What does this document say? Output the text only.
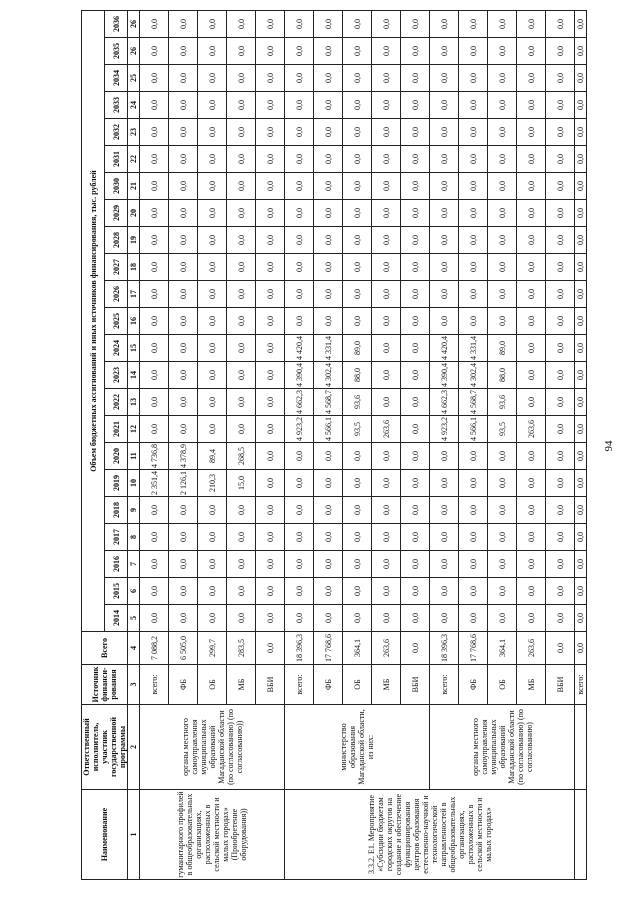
94
Наименование	Ответственный исполнитель, участник государственной программы	Источник финанси-рования	Всего	Объем бюджетных ассигнований и иных источников финансирования, тыс. рублей																						
				2014	2015	2016	2017	2018	2019	2020	2021	2022	2023	2024	2025	2026	2027	2028	2029	2030	2031	2032	2033	2034	2035	2036
1	2	3	4	5	6	7	8	9	10	11	12	13	14	15	16	17	18	19	20	21	22	23	24	25	26	26
гуманитарного профилей в общеобразовательных организациях, расположенных в сельской местности и малых городах» (Приобретение оборудования))	органы местного самоуправления муниципальных образований Магаданской области (по согласованию) (по согласованию))	всего:	7 088,2	0,0	0,0	0,0	0,0	0,0	2 351,4	4 736,8	0,0	0,0	0,0	0,0	0,0	0,0	0,0	0,0	0,0	0,0	0,0	0,0	0,0	0,0	0,0	0,0
		ФБ	6 505,0	0,0	0,0	0,0	0,0	0,0	2 126,1	4 378,9	0,0	0,0	0,0	0,0	0,0	0,0	0,0	0,0	0,0	0,0	0,0	0,0	0,0	0,0	0,0	0,0
		ОБ	299,7	0,0	0,0	0,0	0,0	0,0	210,3	89,4	0,0	0,0	0,0	0,0	0,0	0,0	0,0	0,0	0,0	0,0	0,0	0,0	0,0	0,0	0,0	0,0
		МБ	283,5	0,0	0,0	0,0	0,0	0,0	15,0	268,5	0,0	0,0	0,0	0,0	0,0	0,0	0,0	0,0	0,0	0,0	0,0	0,0	0,0	0,0	0,0	0,0
		ВБИ	0,0	0,0	0,0	0,0	0,0	0,0	0,0	0,0	0,0	0,0	0,0	0,0	0,0	0,0	0,0	0,0	0,0	0,0	0,0	0,0	0,0	0,0	0,0	0,0
3.3.2. E1. Мероприятие «Субсидии бюджетам городских округов на создание и обеспечение функционирования центров образования естественно-научной и технологической направленностей в общеобразовательных организациях, расположенных в сельской местности и малых городах»	министерство образования Магаданской области, из них:	всего:	18 396,3	0,0	0,0	0,0	0,0	0,0	0,0	0,0	4 923,2	4 662,3	4 390,4	4 420,4	0,0	0,0	0,0	0,0	0,0	0,0	0,0	0,0	0,0	0,0	0,0	0,0
		ФБ	17 768,6	0,0	0,0	0,0	0,0	0,0	0,0	0,0	4 566,1	4 568,7	4 302,4	4 331,4	0,0	0,0	0,0	0,0	0,0	0,0	0,0	0,0	0,0	0,0	0,0	0,0
		ОБ	364,1	0,0	0,0	0,0	0,0	0,0	0,0	0,0	93,5	93,6	88,0	89,0	0,0	0,0	0,0	0,0	0,0	0,0	0,0	0,0	0,0	0,0	0,0	0,0
		МБ	263,6	0,0	0,0	0,0	0,0	0,0	0,0	0,0	263,6	0,0	0,0	0,0	0,0	0,0	0,0	0,0	0,0	0,0	0,0	0,0	0,0	0,0	0,0	0,0
		ВБИ	0,0	0,0	0,0	0,0	0,0	0,0	0,0	0,0	0,0	0,0	0,0	0,0	0,0	0,0	0,0	0,0	0,0	0,0	0,0	0,0	0,0	0,0	0,0	0,0
	органы местного самоуправления муниципальных образований Магаданской области (по согласованию) (по согласованию)	всего:	18 396,3	0,0	0,0	0,0	0,0	0,0	0,0	0,0	4 923,2	4 662,3	4 390,4	4 420,4	0,0	0,0	0,0	0,0	0,0	0,0	0,0	0,0	0,0	0,0	0,0	0,0
		ФБ	17 768,6	0,0	0,0	0,0	0,0	0,0	0,0	0,0	4 566,1	4 568,7	4 302,4	4 331,4	0,0	0,0	0,0	0,0	0,0	0,0	0,0	0,0	0,0	0,0	0,0	0,0
		ОБ	364,1	0,0	0,0	0,0	0,0	0,0	0,0	0,0	93,5	93,6	88,0	89,0	0,0	0,0	0,0	0,0	0,0	0,0	0,0	0,0	0,0	0,0	0,0	0,0
		МБ	263,6	0,0	0,0	0,0	0,0	0,0	0,0	0,0	263,6	0,0	0,0	0,0	0,0	0,0	0,0	0,0	0,0	0,0	0,0	0,0	0,0	0,0	0,0	0,0
		ВБИ	0,0	0,0	0,0	0,0	0,0	0,0	0,0	0,0	0,0	0,0	0,0	0,0	0,0	0,0	0,0	0,0	0,0	0,0	0,0	0,0	0,0	0,0	0,0	0,0
		всего:	0,0	0,0	0,0	0,0	0,0	0,0	0,0	0,0	0,0	0,0	0,0	0,0	0,0	0,0	0,0	0,0	0,0	0,0	0,0	0,0	0,0	0,0	0,0	0,0
